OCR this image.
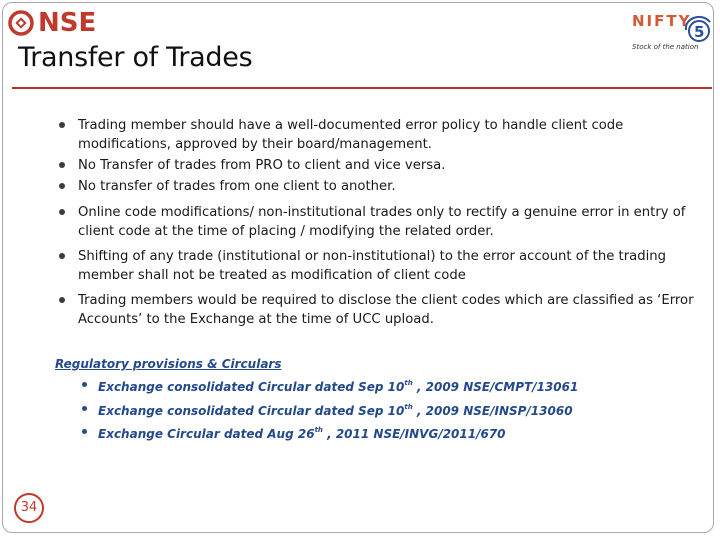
NSE
Transfer of Trades
NIFTY
5
Stock of the nation
Trading member should have a well-documented error policy to handle client code modifications, approved by their board/management.
No Transfer of trades from PRO to client and vice versa.
No transfer of trades from one client to another.
Online code modifications/ non-institutional trades only to rectify a genuine error in entry of client code at the time of placing / modifying the related order.
Shifting of any trade (institutional or non-institutional) to the error account of the trading member shall not be treated as modification of client code
Trading members would be required to disclose the client codes which are classified as ‘Error Accounts’ to the Exchange at the time of UCC upload.
Regulatory provisions & Circulars
Exchange consolidated Circular dated Sep 10th , 2009 NSE/CMPT/13061
Exchange consolidated Circular dated Sep 10th , 2009 NSE/INSP/13060
Exchange Circular dated Aug 26th , 2011 NSE/INVG/2011/670
34
